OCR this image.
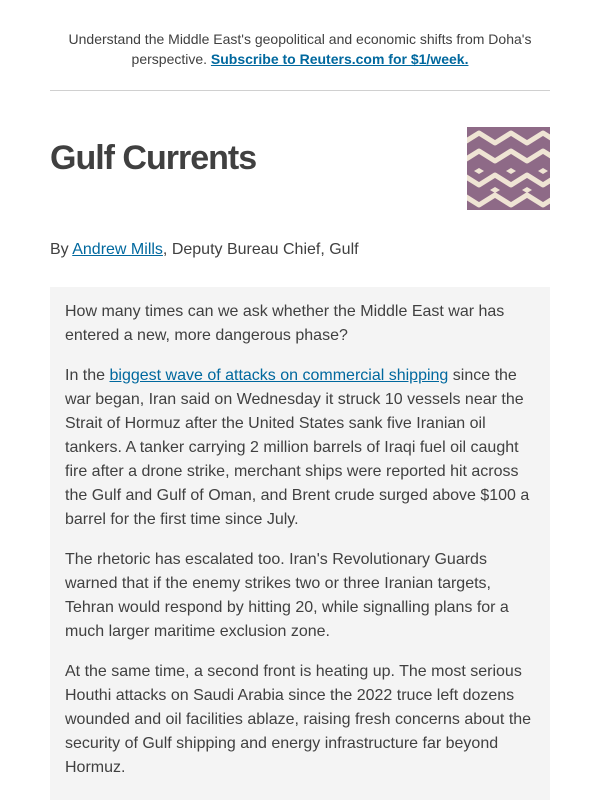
Understand the Middle East's geopolitical and economic shifts from Doha's perspective. Subscribe to Reuters.com for $1/week.
Gulf Currents
By Andrew Mills, Deputy Bureau Chief, Gulf

How many times can we ask whether the Middle East war has entered a new, more dangerous phase?

In the biggest wave of attacks on commercial shipping since the war began, Iran said on Wednesday it struck 10 vessels near the Strait of Hormuz after the United States sank five Iranian oil tankers. A tanker carrying 2 million barrels of Iraqi fuel oil caught fire after a drone strike, merchant ships were reported hit across the Gulf and Gulf of Oman, and Brent crude surged above $100 a barrel for the first time since July.

The rhetoric has escalated too. Iran's Revolutionary Guards warned that if the enemy strikes two or three Iranian targets, Tehran would respond by hitting 20, while signalling plans for a much larger maritime exclusion zone.

At the same time, a second front is heating up. The most serious Houthi attacks on Saudi Arabia since the 2022 truce left dozens wounded and oil facilities ablaze, raising fresh concerns about the security of Gulf shipping and energy infrastructure far beyond Hormuz.
